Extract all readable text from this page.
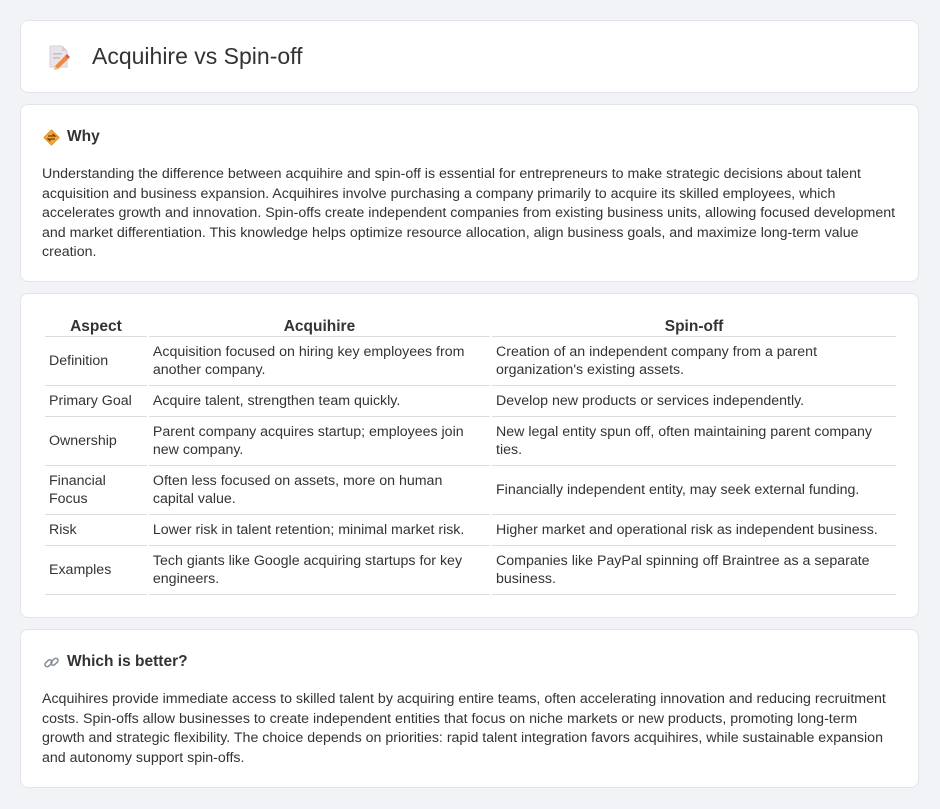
Acquihire vs Spin-off
Why

Understanding the difference between acquihire and spin-off is essential for entrepreneurs to make strategic decisions about talent acquisition and business expansion. Acquihires involve purchasing a company primarily to acquire its skilled employees, which accelerates growth and innovation. Spin-offs create independent companies from existing business units, allowing focused development and market differentiation. This knowledge helps optimize resource allocation, align business goals, and maximize long-term value creation.

Aspect	Acquihire	Spin-off
Definition	Acquisition focused on hiring key employees from another company.	Creation of an independent company from a parent organization's existing assets.
Primary Goal	Acquire talent, strengthen team quickly.	Develop new products or services independently.
Ownership	Parent company acquires startup; employees join new company.	New legal entity spun off, often maintaining parent company ties.
Financial Focus	Often less focused on assets, more on human capital value.	Financially independent entity, may seek external funding.
Risk	Lower risk in talent retention; minimal market risk.	Higher market and operational risk as independent business.
Examples	Tech giants like Google acquiring startups for key engineers.	Companies like PayPal spinning off Braintree as a separate business.
Which is better?

Acquihires provide immediate access to skilled talent by acquiring entire teams, often accelerating innovation and reducing recruitment costs. Spin-offs allow businesses to create independent entities that focus on niche markets or new products, promoting long-term growth and strategic flexibility. The choice depends on priorities: rapid talent integration favors acquihires, while sustainable expansion and autonomy support spin-offs.
